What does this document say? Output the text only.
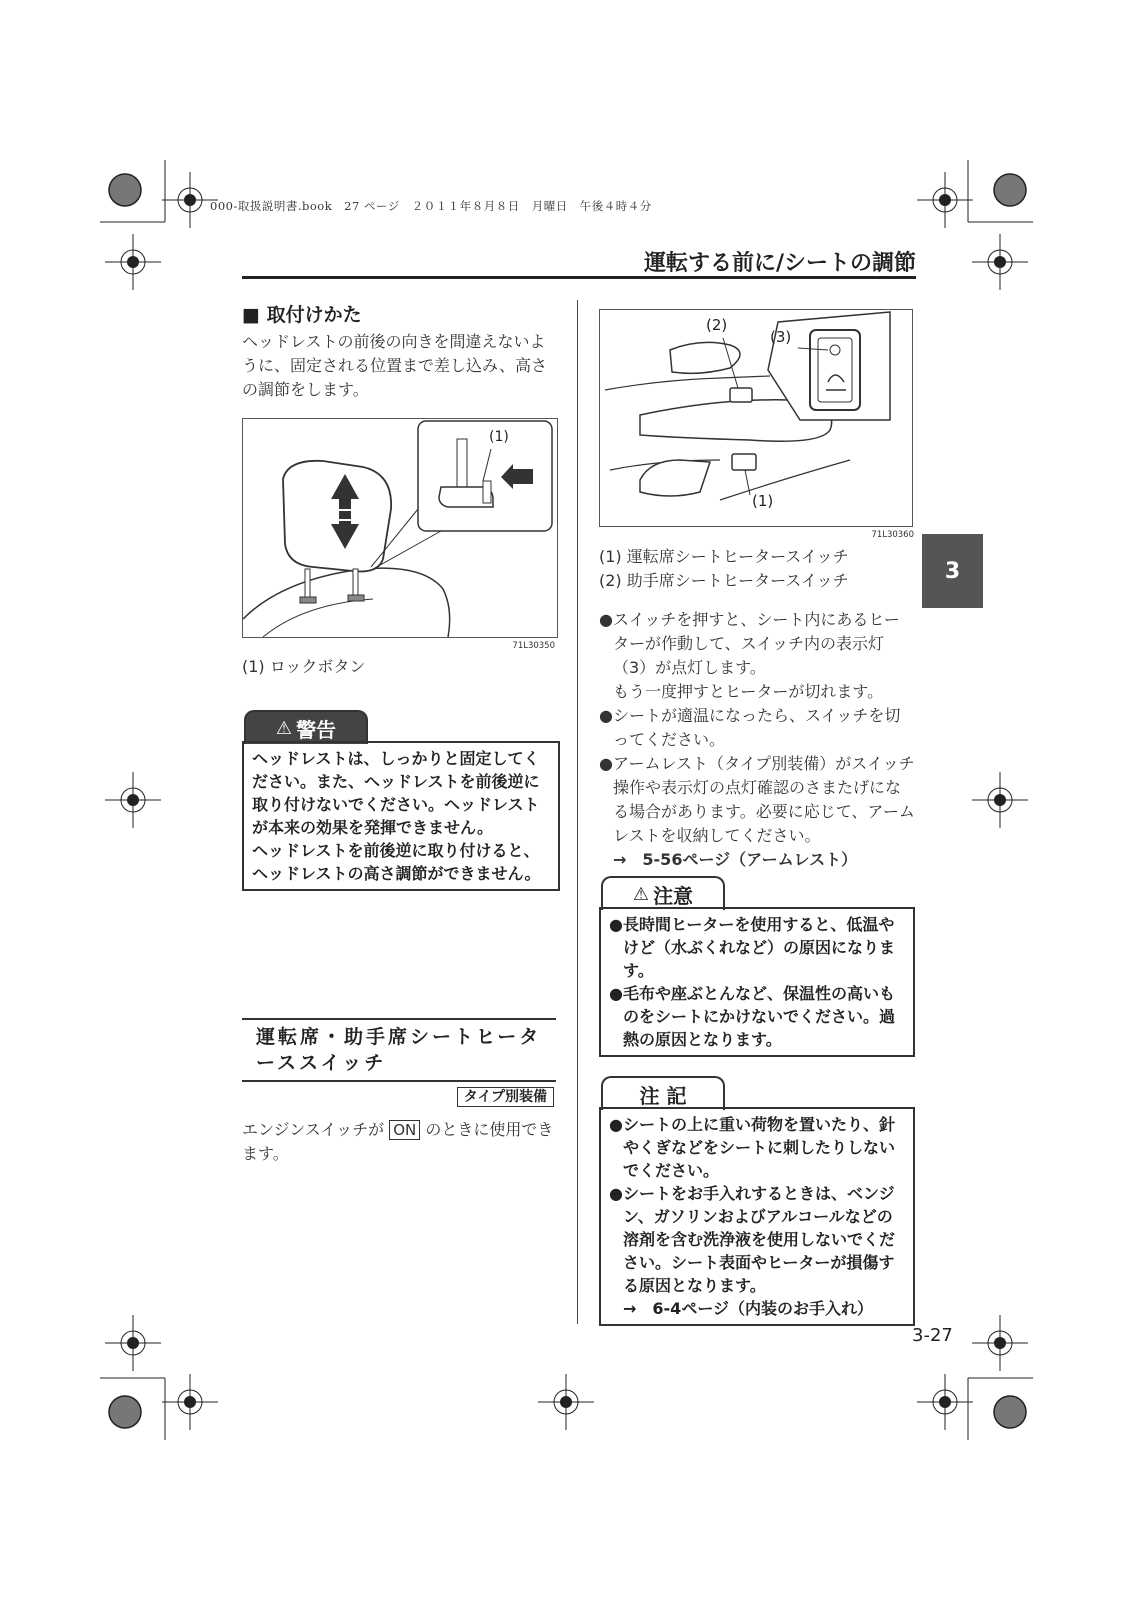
000-取扱説明書.book　27 ページ　２０１１年８月８日　月曜日　午後４時４分
運転する前に/シートの調節
■ 取付けかた
ヘッドレストの前後の向きを間違えないように、固定される位置まで差し込み、高さの調節をします。
(1)
71L30350
(1) ロックボタン
⚠ 警告
ヘッドレストは、しっかりと固定してください。また、ヘッドレストを前後逆に取り付けないでください。ヘッドレストが本来の効果を発揮できません。
ヘッドレストを前後逆に取り付けると、ヘッドレストの高さ調節ができません。
運転席・助手席シートヒーターススイッチ
タイプ別装備
エンジンスイッチが ON のときに使用できます。
(2)
(3)
(1)
71L30360
(1) 運転席シートヒータースイッチ
(2) 助手席シートヒータースイッチ
● スイッチを押すと、シート内にあるヒーターが作動して、スイッチ内の表示灯（3）が点灯します。
もう一度押すとヒーターが切れます。
● シートが適温になったら、スイッチを切ってください。
● アームレスト（タイプ別装備）がスイッチ操作や表示灯の点灯確認のさまたげになる場合があります。必要に応じて、アームレストを収納してください。
→　5-56ページ（アームレスト）
⚠ 注意
● 長時間ヒーターを使用すると、低温やけど（水ぶくれなど）の原因になります。
● 毛布や座ぶとんなど、保温性の高いものをシートにかけないでください。過熱の原因となります。
注 記
● シートの上に重い荷物を置いたり、針やくぎなどをシートに刺したりしないでください。
● シートをお手入れするときは、ベンジン、ガソリンおよびアルコールなどの溶剤を含む洗浄液を使用しないでください。シート表面やヒーターが損傷する原因となります。
→　6-4ページ（内装のお手入れ）
3
3-27
